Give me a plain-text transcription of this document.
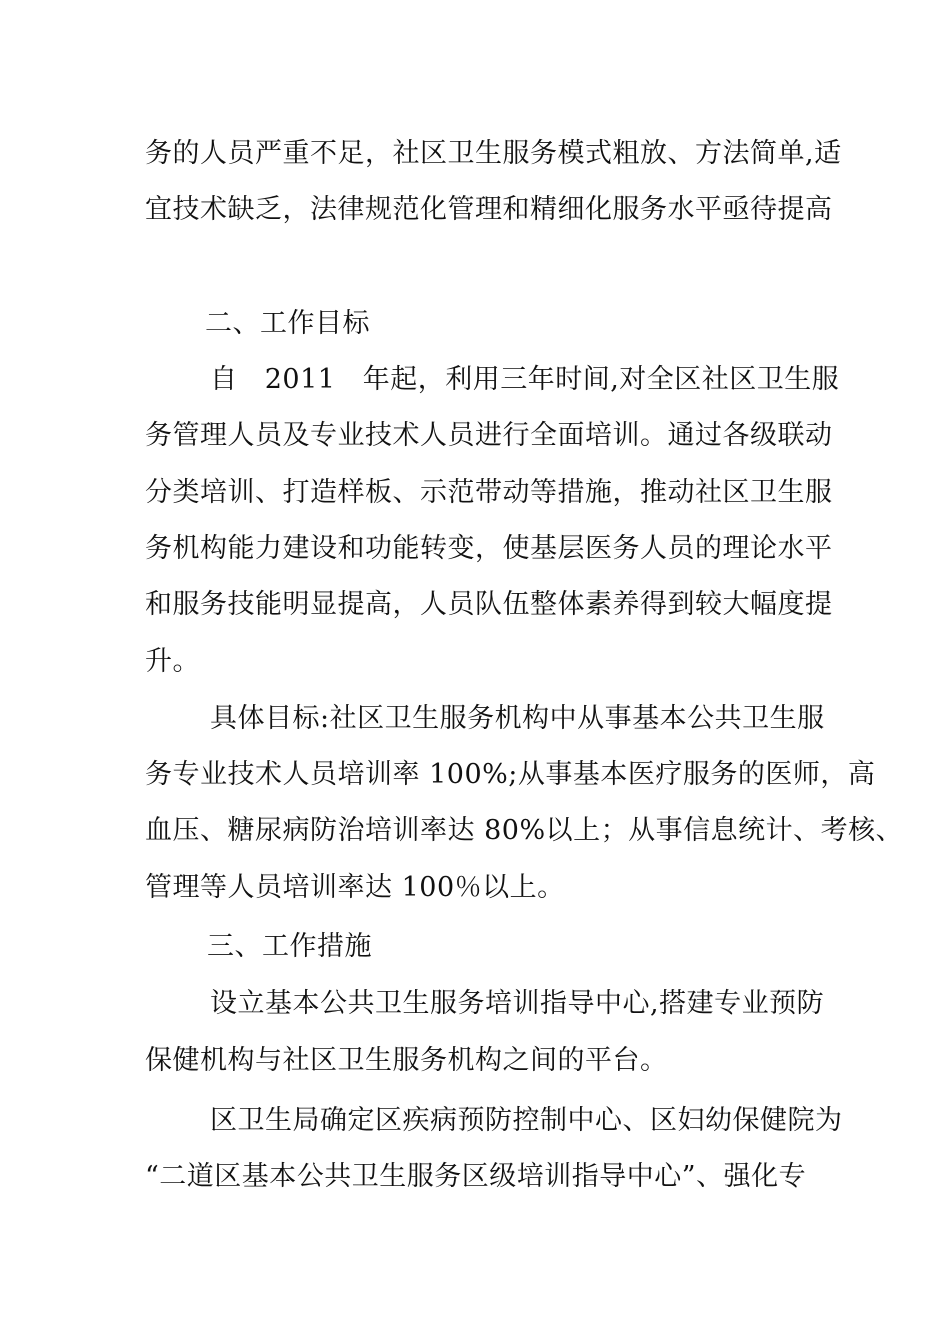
务的人员严重不足，社区卫生服务模式粗放、方法简单,适
宜技术缺乏，法律规范化管理和精细化服务水平亟待提高
二、工作目标
自   2011   年起，利用三年时间,对全区社区卫生服
务管理人员及专业技术人员进行全面培训。通过各级联动
分类培训、打造样板、示范带动等措施，推动社区卫生服
务机构能力建设和功能转变，使基层医务人员的理论水平
和服务技能明显提高，人员队伍整体素养得到较大幅度提
升。
具体目标:社区卫生服务机构中从事基本公共卫生服
务专业技术人员培训率 100%;从事基本医疗服务的医师，高
血压、糖尿病防治培训率达 80%以上；从事信息统计、考核、
管理等人员培训率达 100％以上。
三、工作措施
设立基本公共卫生服务培训指导中心,搭建专业预防
保健机构与社区卫生服务机构之间的平台。
区卫生局确定区疾病预防控制中心、区妇幼保健院为
“二道区基本公共卫生服务区级培训指导中心”、强化专
